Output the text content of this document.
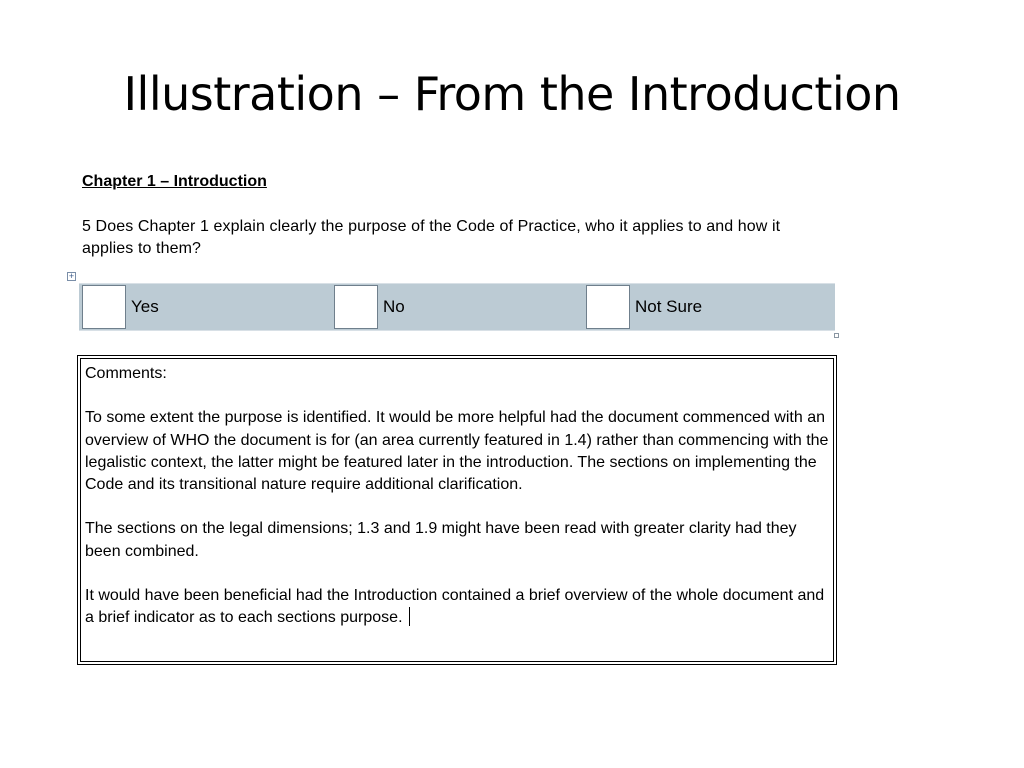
Illustration – From the Introduction
Chapter 1 – Introduction
5 Does Chapter 1 explain clearly the purpose of the Code of Practice, who it applies to and how it applies to them?
+
Yes	No	Not Sure

Comments:

To some extent the purpose is identified. It would be more helpful had the document commenced with an overview of WHO the document is for (an area currently featured in 1.4) rather than commencing with the legalistic context, the latter might be featured later in the introduction. The sections on implementing the Code and its transitional nature require additional clarification.

The sections on the legal dimensions; 1.3 and 1.9 might have been read with greater clarity had they been combined.

It would have been beneficial had the Introduction contained a brief overview of the whole document and a brief indicator as to each sections purpose.
